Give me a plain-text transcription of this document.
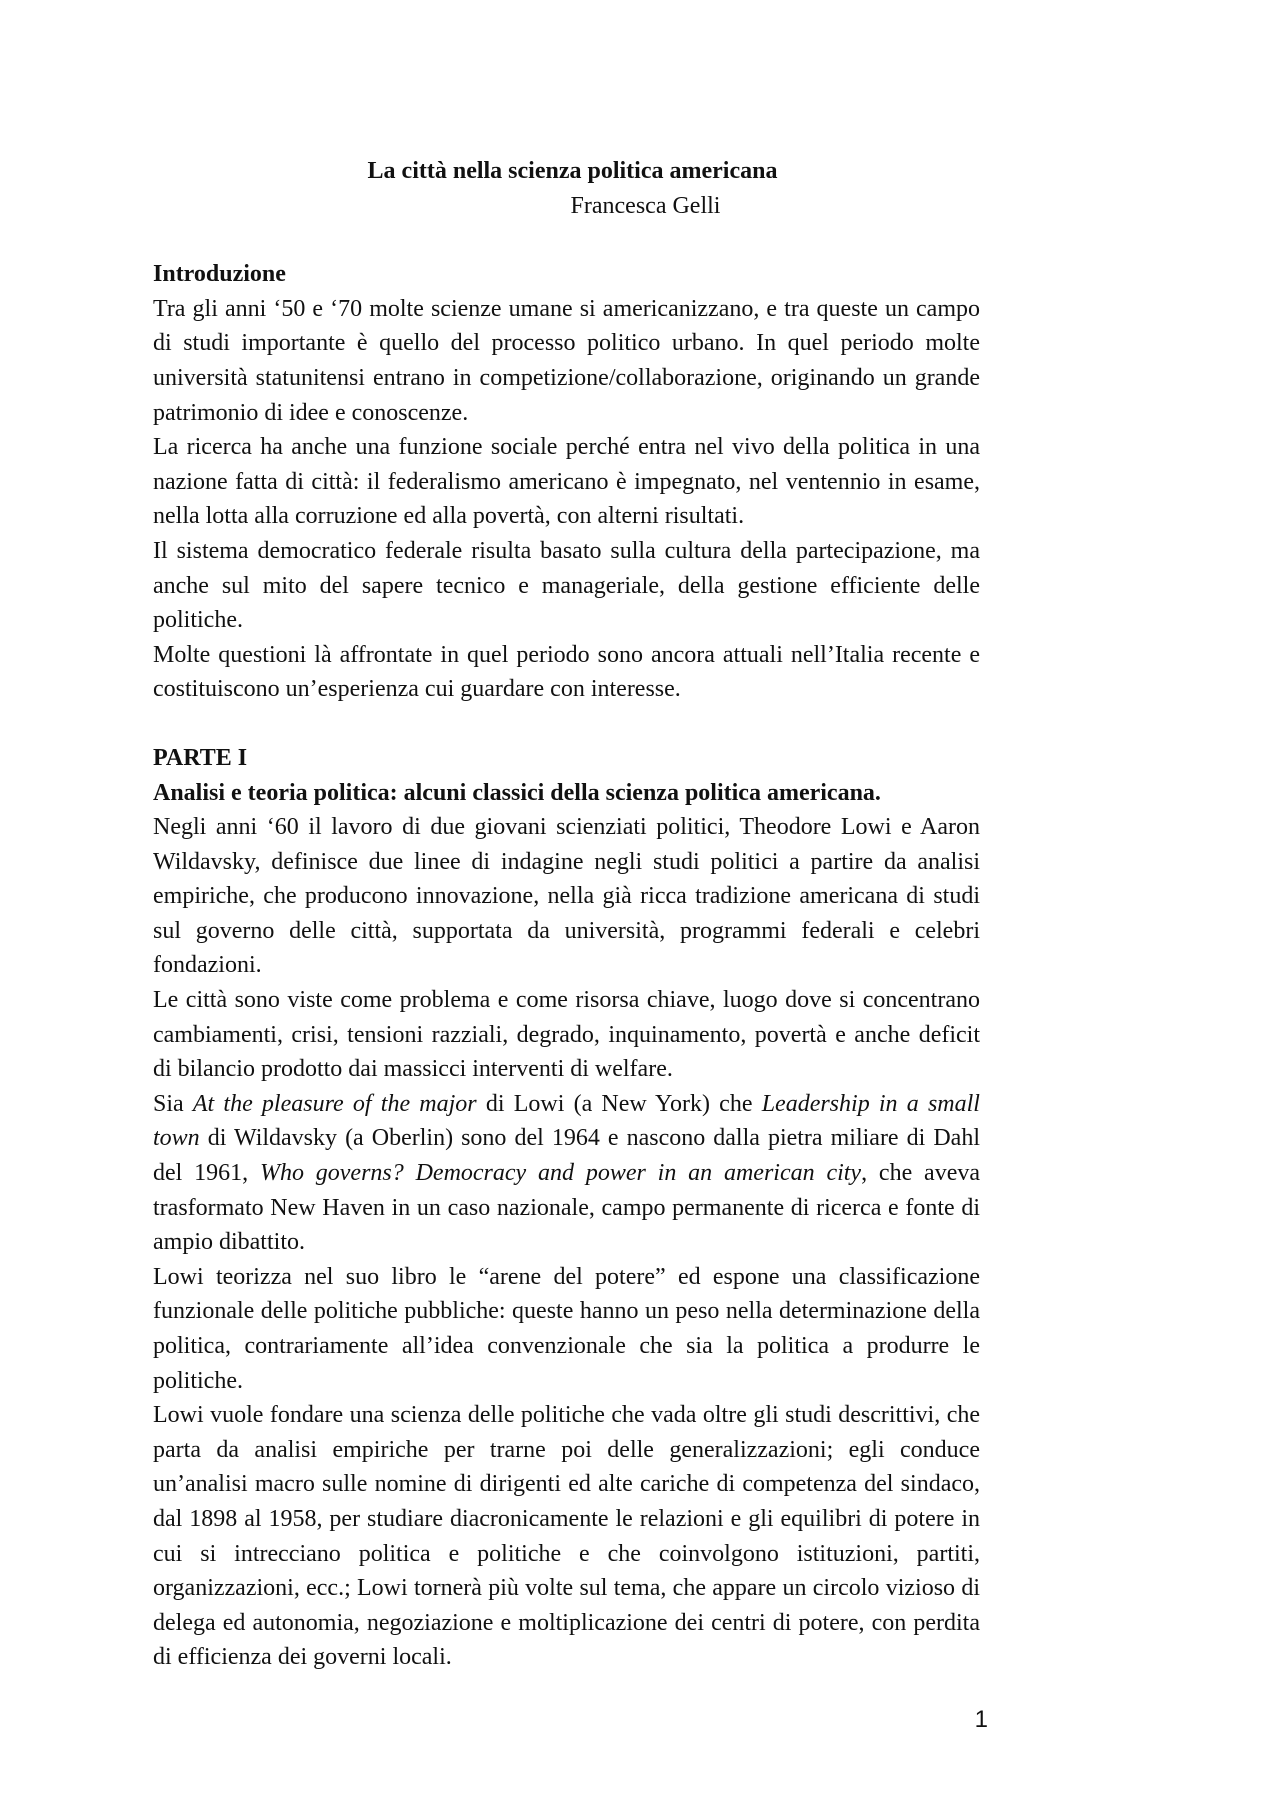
La città nella scienza politica americana
Francesca Gelli
Introduzione

Tra gli anni ‘50 e ‘70 molte scienze umane si americanizzano, e tra queste un campo di studi importante è quello del processo politico urbano. In quel periodo molte università statunitensi entrano in competizione/collaborazione, originando un grande patrimonio di idee e conoscenze.

La ricerca ha anche una funzione sociale perché entra nel vivo della politica in una nazione fatta di città: il federalismo americano è impegnato, nel ventennio in esame, nella lotta alla corruzione ed alla povertà, con alterni risultati.

Il sistema democratico federale risulta basato sulla cultura della partecipazione, ma anche sul mito del sapere tecnico e manageriale, della gestione efficiente delle politiche.

Molte questioni là affrontate in quel periodo sono ancora attuali nell’Italia recente e costituiscono un’esperienza cui guardare con interesse.

PARTE I
Analisi e teoria politica: alcuni classici della scienza politica americana.

Negli anni ‘60 il lavoro di due giovani scienziati politici, Theodore Lowi e Aaron Wildavsky, definisce due linee di indagine negli studi politici a partire da analisi empiriche, che producono innovazione, nella già ricca tradizione americana di studi sul governo delle città, supportata da università, programmi federali e celebri fondazioni.

Le città sono viste come problema e come risorsa chiave, luogo dove si concentrano cambiamenti, crisi, tensioni razziali, degrado, inquinamento, povertà e anche deficit di bilancio prodotto dai massicci interventi di welfare.

Sia At the pleasure of the major di Lowi (a New York) che Leadership in a small town di Wildavsky (a Oberlin) sono del 1964 e nascono dalla pietra miliare di Dahl del 1961, Who governs? Democracy and power in an american city, che aveva trasformato New Haven in un caso nazionale, campo permanente di ricerca e fonte di ampio dibattito.

Lowi teorizza nel suo libro le “arene del potere” ed espone una classificazione funzionale delle politiche pubbliche: queste hanno un peso nella determinazione della politica, contrariamente all’idea convenzionale che sia la politica a produrre le politiche.

Lowi vuole fondare una scienza delle politiche che vada oltre gli studi descrittivi, che parta da analisi empiriche per trarne poi delle generalizzazioni; egli conduce un’analisi macro sulle nomine di dirigenti ed alte cariche di competenza del sindaco, dal 1898 al 1958, per studiare diacronicamente le relazioni e gli equilibri di potere in cui si intrecciano politica e politiche e che coinvolgono istituzioni, partiti, organizzazioni, ecc.; Lowi tornerà più volte sul tema, che appare un circolo vizioso di delega ed autonomia, negoziazione e moltiplicazione dei centri di potere, con perdita di efficienza dei governi locali.

1
